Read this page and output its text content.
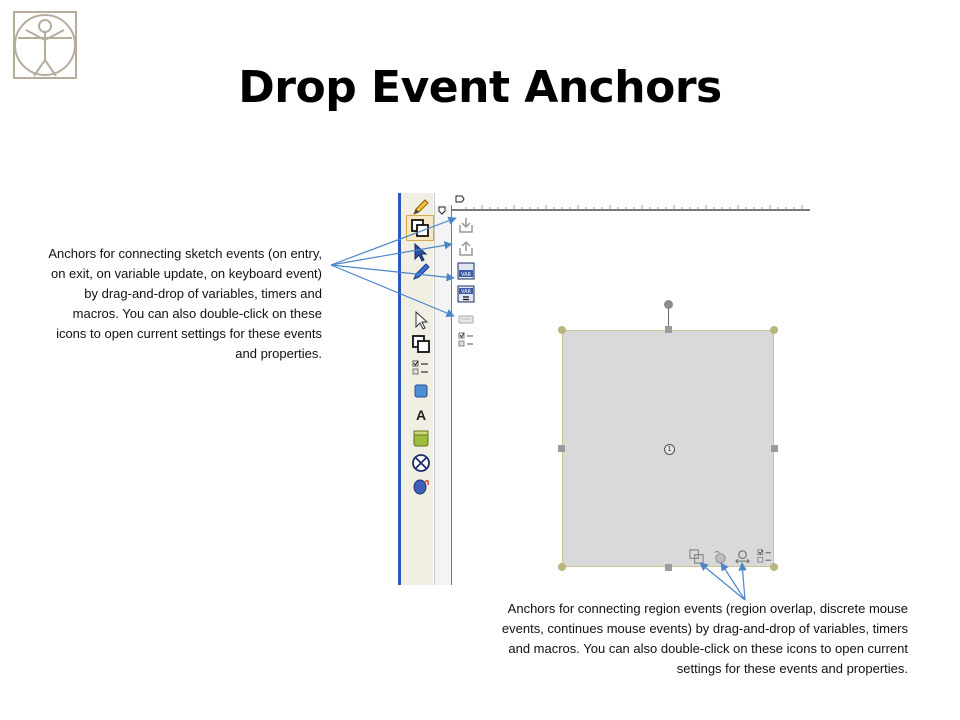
Drop Event Anchors
Anchors for connecting sketch events (on entry, on exit, on variable update, on keyboard event) by drag-and-drop of variables, timers and macros. You can also double-click on these icons to open current settings for these events and properties.
Anchors for connecting region events (region overlap, discrete mouse events, continues mouse events) by drag-and-drop of variables, timers and macros. You can also double-click on these icons to open current settings for these events and properties.
A
VAR
VAR
1
